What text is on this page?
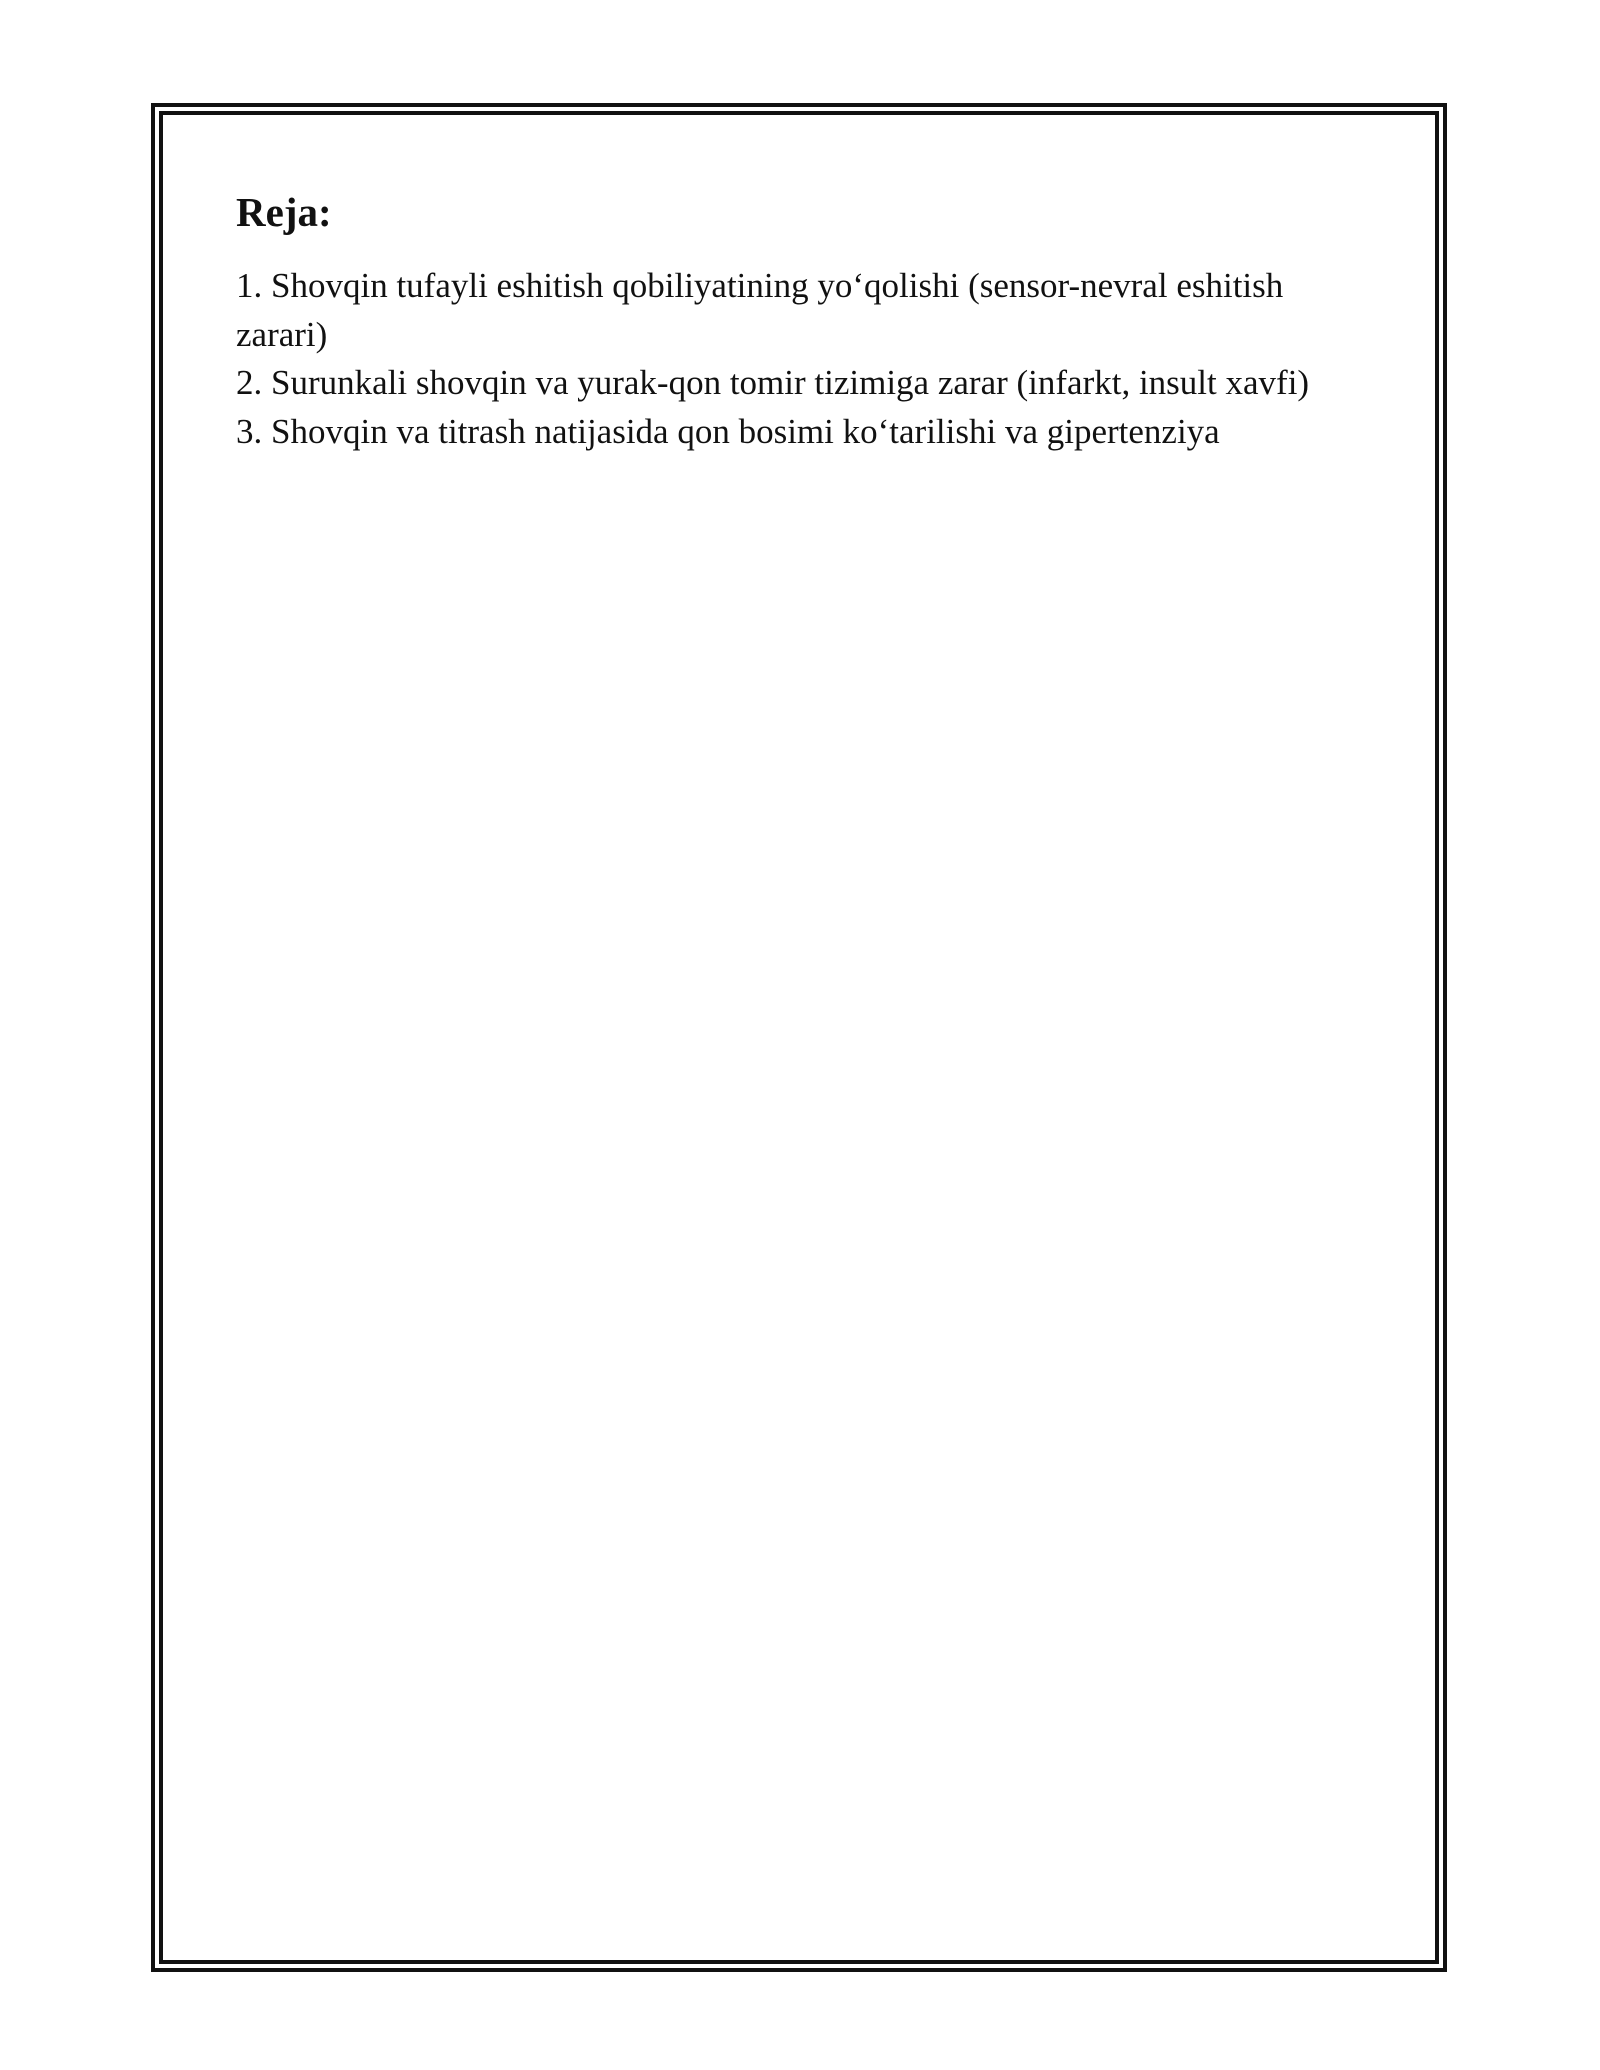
Reja:
1. Shovqin tufayli eshitish qobiliyatining yo‘qolishi (sensor-nevral eshitish zarari)
2. Surunkali shovqin va yurak-qon tomir tizimiga zarar (infarkt, insult xavfi)
3. Shovqin va titrash natijasida qon bosimi ko‘tarilishi va gipertenziya
